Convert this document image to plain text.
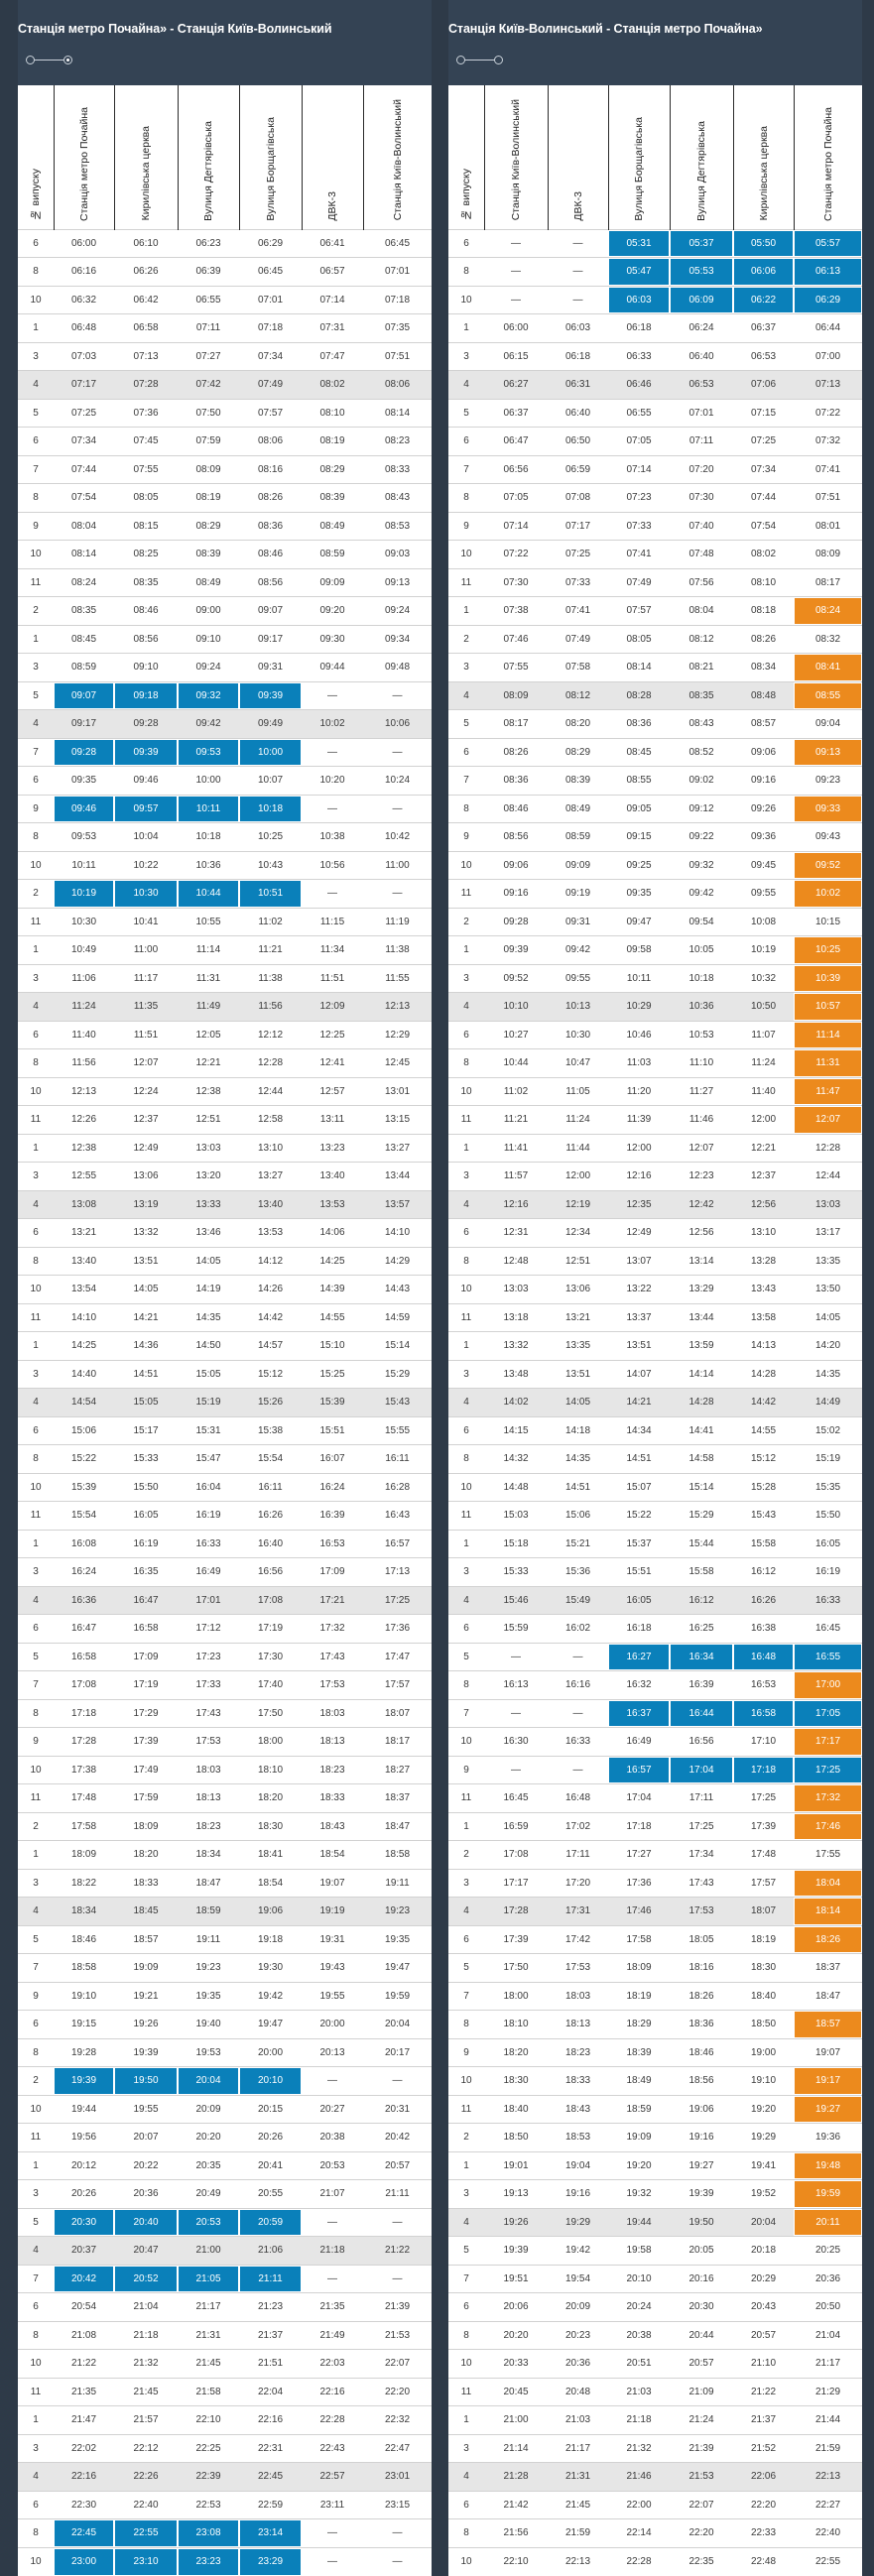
Станція метро Почайна» - Станція Київ-Волинський
№ випуску	Станція метро Почайна	Кирилівська церква	Вулиця Дегтярівська	Вулиця Борщагівська	ДВК-3	Станція Київ-Волинський

6	06:00	06:10	06:23	06:29	06:41	06:45
8	06:16	06:26	06:39	06:45	06:57	07:01
10	06:32	06:42	06:55	07:01	07:14	07:18
1	06:48	06:58	07:11	07:18	07:31	07:35
3	07:03	07:13	07:27	07:34	07:47	07:51
4	07:17	07:28	07:42	07:49	08:02	08:06
5	07:25	07:36	07:50	07:57	08:10	08:14
6	07:34	07:45	07:59	08:06	08:19	08:23
7	07:44	07:55	08:09	08:16	08:29	08:33
8	07:54	08:05	08:19	08:26	08:39	08:43
9	08:04	08:15	08:29	08:36	08:49	08:53
10	08:14	08:25	08:39	08:46	08:59	09:03
11	08:24	08:35	08:49	08:56	09:09	09:13
2	08:35	08:46	09:00	09:07	09:20	09:24
1	08:45	08:56	09:10	09:17	09:30	09:34
3	08:59	09:10	09:24	09:31	09:44	09:48
5	09:07	09:18	09:32	09:39	—	—
4	09:17	09:28	09:42	09:49	10:02	10:06
7	09:28	09:39	09:53	10:00	—	—
6	09:35	09:46	10:00	10:07	10:20	10:24
9	09:46	09:57	10:11	10:18	—	—
8	09:53	10:04	10:18	10:25	10:38	10:42
10	10:11	10:22	10:36	10:43	10:56	11:00
2	10:19	10:30	10:44	10:51	—	—
11	10:30	10:41	10:55	11:02	11:15	11:19
1	10:49	11:00	11:14	11:21	11:34	11:38
3	11:06	11:17	11:31	11:38	11:51	11:55
4	11:24	11:35	11:49	11:56	12:09	12:13
6	11:40	11:51	12:05	12:12	12:25	12:29
8	11:56	12:07	12:21	12:28	12:41	12:45
10	12:13	12:24	12:38	12:44	12:57	13:01
11	12:26	12:37	12:51	12:58	13:11	13:15
1	12:38	12:49	13:03	13:10	13:23	13:27
3	12:55	13:06	13:20	13:27	13:40	13:44
4	13:08	13:19	13:33	13:40	13:53	13:57
6	13:21	13:32	13:46	13:53	14:06	14:10
8	13:40	13:51	14:05	14:12	14:25	14:29
10	13:54	14:05	14:19	14:26	14:39	14:43
11	14:10	14:21	14:35	14:42	14:55	14:59
1	14:25	14:36	14:50	14:57	15:10	15:14
3	14:40	14:51	15:05	15:12	15:25	15:29
4	14:54	15:05	15:19	15:26	15:39	15:43
6	15:06	15:17	15:31	15:38	15:51	15:55
8	15:22	15:33	15:47	15:54	16:07	16:11
10	15:39	15:50	16:04	16:11	16:24	16:28
11	15:54	16:05	16:19	16:26	16:39	16:43
1	16:08	16:19	16:33	16:40	16:53	16:57
3	16:24	16:35	16:49	16:56	17:09	17:13
4	16:36	16:47	17:01	17:08	17:21	17:25
6	16:47	16:58	17:12	17:19	17:32	17:36
5	16:58	17:09	17:23	17:30	17:43	17:47
7	17:08	17:19	17:33	17:40	17:53	17:57
8	17:18	17:29	17:43	17:50	18:03	18:07
9	17:28	17:39	17:53	18:00	18:13	18:17
10	17:38	17:49	18:03	18:10	18:23	18:27
11	17:48	17:59	18:13	18:20	18:33	18:37
2	17:58	18:09	18:23	18:30	18:43	18:47
1	18:09	18:20	18:34	18:41	18:54	18:58
3	18:22	18:33	18:47	18:54	19:07	19:11
4	18:34	18:45	18:59	19:06	19:19	19:23
5	18:46	18:57	19:11	19:18	19:31	19:35
7	18:58	19:09	19:23	19:30	19:43	19:47
9	19:10	19:21	19:35	19:42	19:55	19:59
6	19:15	19:26	19:40	19:47	20:00	20:04
8	19:28	19:39	19:53	20:00	20:13	20:17
2	19:39	19:50	20:04	20:10	—	—
10	19:44	19:55	20:09	20:15	20:27	20:31
11	19:56	20:07	20:20	20:26	20:38	20:42
1	20:12	20:22	20:35	20:41	20:53	20:57
3	20:26	20:36	20:49	20:55	21:07	21:11
5	20:30	20:40	20:53	20:59	—	—
4	20:37	20:47	21:00	21:06	21:18	21:22
7	20:42	20:52	21:05	21:11	—	—
6	20:54	21:04	21:17	21:23	21:35	21:39
8	21:08	21:18	21:31	21:37	21:49	21:53
10	21:22	21:32	21:45	21:51	22:03	22:07
11	21:35	21:45	21:58	22:04	22:16	22:20
1	21:47	21:57	22:10	22:16	22:28	22:32
3	22:02	22:12	22:25	22:31	22:43	22:47
4	22:16	22:26	22:39	22:45	22:57	23:01
6	22:30	22:40	22:53	22:59	23:11	23:15
8	22:45	22:55	23:08	23:14	—	—
10	23:00	23:10	23:23	23:29	—	—
Станція Київ-Волинський - Станція метро Почайна»
№ випуску	Станція Київ-Волинський	ДВК-3	Вулиця Борщагівська	Вулиця Дегтярівська	Кирилівська церква	Станція метро Почайна

6	—	—	05:31	05:37	05:50	05:57
8	—	—	05:47	05:53	06:06	06:13
10	—	—	06:03	06:09	06:22	06:29
1	06:00	06:03	06:18	06:24	06:37	06:44
3	06:15	06:18	06:33	06:40	06:53	07:00
4	06:27	06:31	06:46	06:53	07:06	07:13
5	06:37	06:40	06:55	07:01	07:15	07:22
6	06:47	06:50	07:05	07:11	07:25	07:32
7	06:56	06:59	07:14	07:20	07:34	07:41
8	07:05	07:08	07:23	07:30	07:44	07:51
9	07:14	07:17	07:33	07:40	07:54	08:01
10	07:22	07:25	07:41	07:48	08:02	08:09
11	07:30	07:33	07:49	07:56	08:10	08:17
1	07:38	07:41	07:57	08:04	08:18	08:24
2	07:46	07:49	08:05	08:12	08:26	08:32
3	07:55	07:58	08:14	08:21	08:34	08:41
4	08:09	08:12	08:28	08:35	08:48	08:55
5	08:17	08:20	08:36	08:43	08:57	09:04
6	08:26	08:29	08:45	08:52	09:06	09:13
7	08:36	08:39	08:55	09:02	09:16	09:23
8	08:46	08:49	09:05	09:12	09:26	09:33
9	08:56	08:59	09:15	09:22	09:36	09:43
10	09:06	09:09	09:25	09:32	09:45	09:52
11	09:16	09:19	09:35	09:42	09:55	10:02
2	09:28	09:31	09:47	09:54	10:08	10:15
1	09:39	09:42	09:58	10:05	10:19	10:25
3	09:52	09:55	10:11	10:18	10:32	10:39
4	10:10	10:13	10:29	10:36	10:50	10:57
6	10:27	10:30	10:46	10:53	11:07	11:14
8	10:44	10:47	11:03	11:10	11:24	11:31
10	11:02	11:05	11:20	11:27	11:40	11:47
11	11:21	11:24	11:39	11:46	12:00	12:07
1	11:41	11:44	12:00	12:07	12:21	12:28
3	11:57	12:00	12:16	12:23	12:37	12:44
4	12:16	12:19	12:35	12:42	12:56	13:03
6	12:31	12:34	12:49	12:56	13:10	13:17
8	12:48	12:51	13:07	13:14	13:28	13:35
10	13:03	13:06	13:22	13:29	13:43	13:50
11	13:18	13:21	13:37	13:44	13:58	14:05
1	13:32	13:35	13:51	13:59	14:13	14:20
3	13:48	13:51	14:07	14:14	14:28	14:35
4	14:02	14:05	14:21	14:28	14:42	14:49
6	14:15	14:18	14:34	14:41	14:55	15:02
8	14:32	14:35	14:51	14:58	15:12	15:19
10	14:48	14:51	15:07	15:14	15:28	15:35
11	15:03	15:06	15:22	15:29	15:43	15:50
1	15:18	15:21	15:37	15:44	15:58	16:05
3	15:33	15:36	15:51	15:58	16:12	16:19
4	15:46	15:49	16:05	16:12	16:26	16:33
6	15:59	16:02	16:18	16:25	16:38	16:45
5	—	—	16:27	16:34	16:48	16:55
8	16:13	16:16	16:32	16:39	16:53	17:00
7	—	—	16:37	16:44	16:58	17:05
10	16:30	16:33	16:49	16:56	17:10	17:17
9	—	—	16:57	17:04	17:18	17:25
11	16:45	16:48	17:04	17:11	17:25	17:32
1	16:59	17:02	17:18	17:25	17:39	17:46
2	17:08	17:11	17:27	17:34	17:48	17:55
3	17:17	17:20	17:36	17:43	17:57	18:04
4	17:28	17:31	17:46	17:53	18:07	18:14
6	17:39	17:42	17:58	18:05	18:19	18:26
5	17:50	17:53	18:09	18:16	18:30	18:37
7	18:00	18:03	18:19	18:26	18:40	18:47
8	18:10	18:13	18:29	18:36	18:50	18:57
9	18:20	18:23	18:39	18:46	19:00	19:07
10	18:30	18:33	18:49	18:56	19:10	19:17
11	18:40	18:43	18:59	19:06	19:20	19:27
2	18:50	18:53	19:09	19:16	19:29	19:36
1	19:01	19:04	19:20	19:27	19:41	19:48
3	19:13	19:16	19:32	19:39	19:52	19:59
4	19:26	19:29	19:44	19:50	20:04	20:11
5	19:39	19:42	19:58	20:05	20:18	20:25
7	19:51	19:54	20:10	20:16	20:29	20:36
6	20:06	20:09	20:24	20:30	20:43	20:50
8	20:20	20:23	20:38	20:44	20:57	21:04
10	20:33	20:36	20:51	20:57	21:10	21:17
11	20:45	20:48	21:03	21:09	21:22	21:29
1	21:00	21:03	21:18	21:24	21:37	21:44
3	21:14	21:17	21:32	21:39	21:52	21:59
4	21:28	21:31	21:46	21:53	22:06	22:13
6	21:42	21:45	22:00	22:07	22:20	22:27
8	21:56	21:59	22:14	22:20	22:33	22:40
10	22:10	22:13	22:28	22:35	22:48	22:55
